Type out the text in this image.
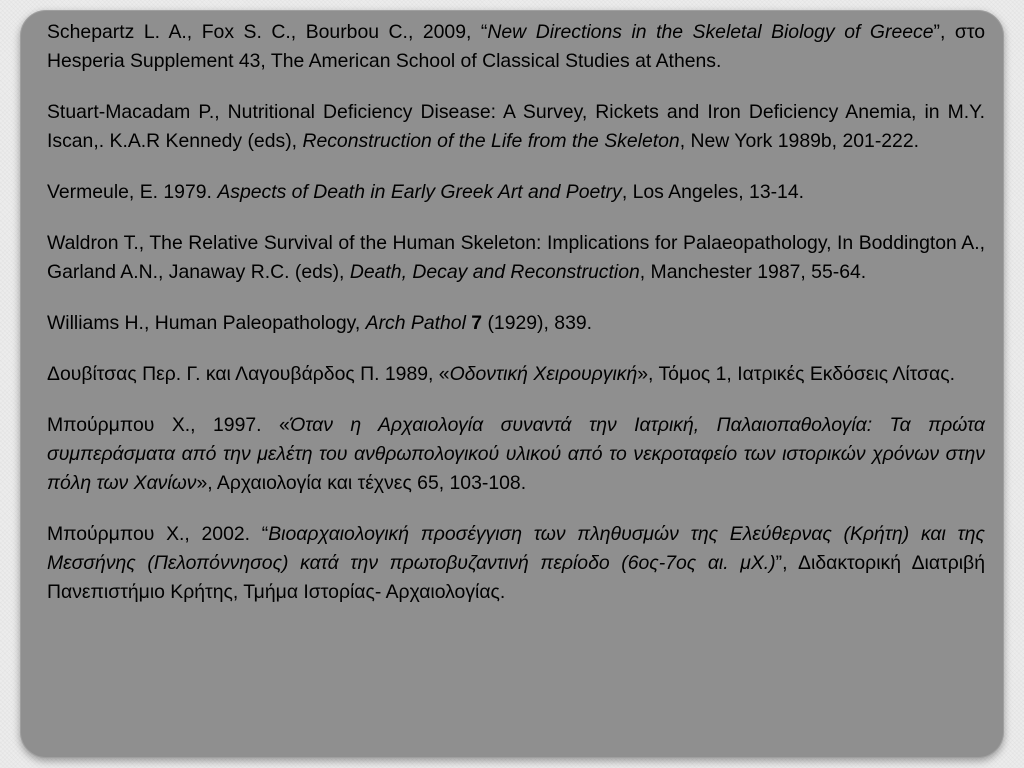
Schepartz L. A., Fox S. C., Bourbou C., 2009, “New Directions in the Skeletal Biology of Greece”, στο Hesperia Supplement 43, The American School of Classical Studies at Athens.

Stuart-Macadam P., Nutritional Deficiency Disease: A Survey, Rickets and Iron Deficiency Anemia, in M.Y. Iscan,. K.A.R Kennedy (eds), Reconstruction of the Life from the Skeleton, New York 1989b, 201-222.

Vermeule, E. 1979. Aspects of Death in Early Greek Art and Poetry, Los Angeles, 13-14.

Waldron T., The Relative Survival of the Human Skeleton: Implications for Palaeopathology, In Boddington A., Garland A.N., Janaway R.C. (eds), Death, Decay and Reconstruction, Manchester 1987, 55-64.

Williams H., Human Paleopathology, Arch Pathol 7 (1929), 839.

Δουβίτσας Περ. Γ. και Λαγουβάρδος Π. 1989, «Οδοντική Χειρουργική», Τόμος 1, Ιατρικές Εκδόσεις Λίτσας.

Μπούρμπου Χ., 1997. «Όταν η Αρχαιολογία συναντά την Ιατρική, Παλαιοπαθολογία: Τα πρώτα συμπεράσματα από την μελέτη του ανθρωπολογικού υλικού από το νεκροταφείο των ιστορικών χρόνων στην πόλη των Χανίων», Αρχαιολογία και τέχνες 65, 103-108.

Μπούρμπου Χ., 2002. “Βιοαρχαιολογική προσέγγιση των πληθυσμών της Ελεύθερνας (Κρήτη) και της Μεσσήνης (Πελοπόννησος) κατά την πρωτοβυζαντινή περίοδο (6ος-7ος αι. μΧ.)”, Διδακτορική Διατριβή Πανεπιστήμιο Κρήτης, Τμήμα Ιστορίας- Αρχαιολογίας.
